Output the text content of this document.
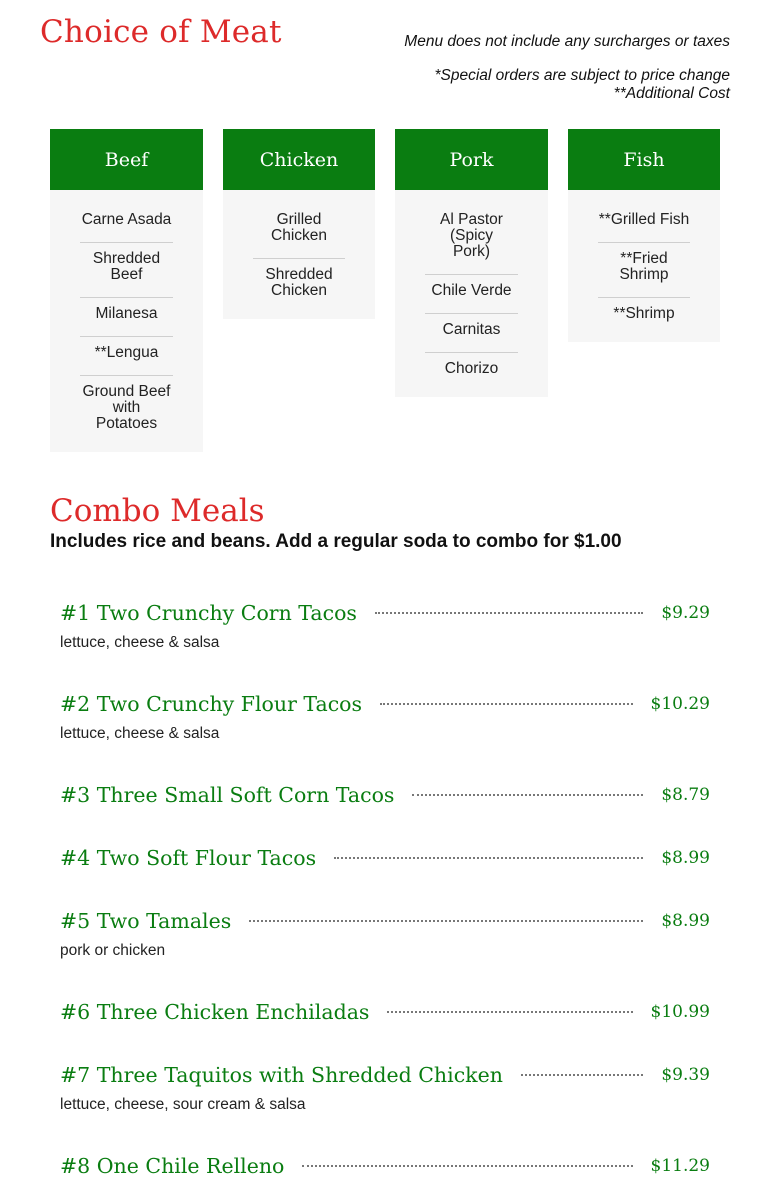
Choice of Meat	Menu does not include any surcharges or taxes

*Special orders are subject to price change

**Additional Cost

Beef
Carne Asada
Shredded Beef
Milanesa
**Lengua
Ground Beef
with Potatoes
Chicken
Grilled Chicken
Shredded
Chicken
Pork
Al Pastor (Spicy
Pork)
Chile Verde
Carnitas
Chorizo
Fish
**Grilled Fish
**Fried Shrimp
**Shrimp
Combo Meals

Includes rice and beans. Add a regular soda to combo for $1.00

#1 Two Crunchy Corn Tacos	$9.29
lettuce, cheese & salsa
#2 Two Crunchy Flour Tacos	$10.29
lettuce, cheese & salsa
#3 Three Small Soft Corn Tacos	$8.79
#4 Two Soft Flour Tacos	$8.99
#5 Two Tamales	$8.99
pork or chicken
#6 Three Chicken Enchiladas	$10.99
#7 Three Taquitos with Shredded Chicken	$9.39
lettuce, cheese, sour cream & salsa
#8 One Chile Relleno	$11.29
